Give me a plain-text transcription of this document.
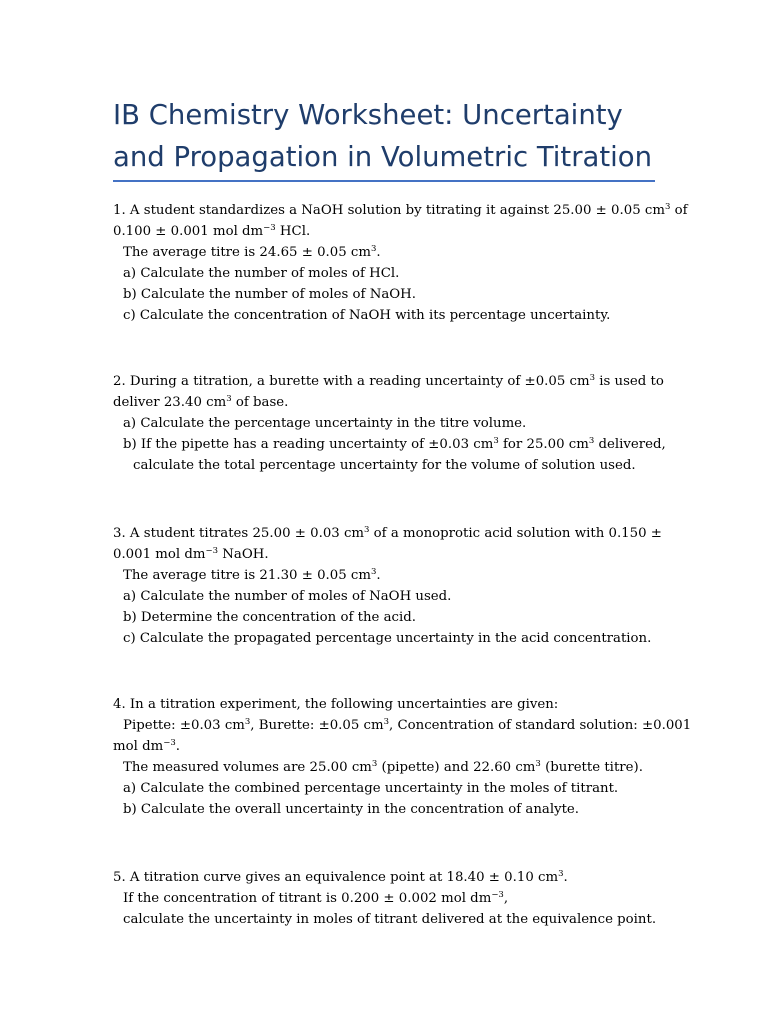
IB Chemistry Worksheet: Uncertainty
and Propagation in Volumetric Titration
1. A student standardizes a NaOH solution by titrating it against 25.00 ± 0.05 $cm^3$ of
0.100 ± 0.001 mol $dm^{-3}$ HCl.
The average titre is 24.65 ± 0.05 $cm^3$.
a) Calculate the number of moles of HCl.
b) Calculate the number of moles of NaOH.
c) Calculate the concentration of NaOH with its percentage uncertainty.
2. During a titration, a burette with a reading uncertainty of ±0.05 $cm^3$ is used to
deliver 23.40 $cm^3$ of base.
a) Calculate the percentage uncertainty in the titre volume.
b) If the pipette has a reading uncertainty of ±0.03 $cm^3$ for 25.00 $cm^3$ delivered,
calculate the total percentage uncertainty for the volume of solution used.
3. A student titrates 25.00 ± 0.03 $cm^3$ of a monoprotic acid solution with 0.150 ±
0.001 mol $dm^{-3}$ NaOH.
The average titre is 21.30 ± 0.05 $cm^3$.
a) Calculate the number of moles of NaOH used.
b) Determine the concentration of the acid.
c) Calculate the propagated percentage uncertainty in the acid concentration.
4. In a titration experiment, the following uncertainties are given:
Pipette: ±0.03 $cm^3$, Burette: ±0.05 $cm^3$, Concentration of standard solution: ±0.001
mol $dm^{-3}$.
The measured volumes are 25.00 $cm^3$ (pipette) and 22.60 $cm^3$ (burette titre).
a) Calculate the combined percentage uncertainty in the moles of titrant.
b) Calculate the overall uncertainty in the concentration of analyte.
5. A titration curve gives an equivalence point at 18.40 ± 0.10 $cm^3$.
If the concentration of titrant is 0.200 ± 0.002 mol $dm^{-3}$,
calculate the uncertainty in moles of titrant delivered at the equivalence point.
